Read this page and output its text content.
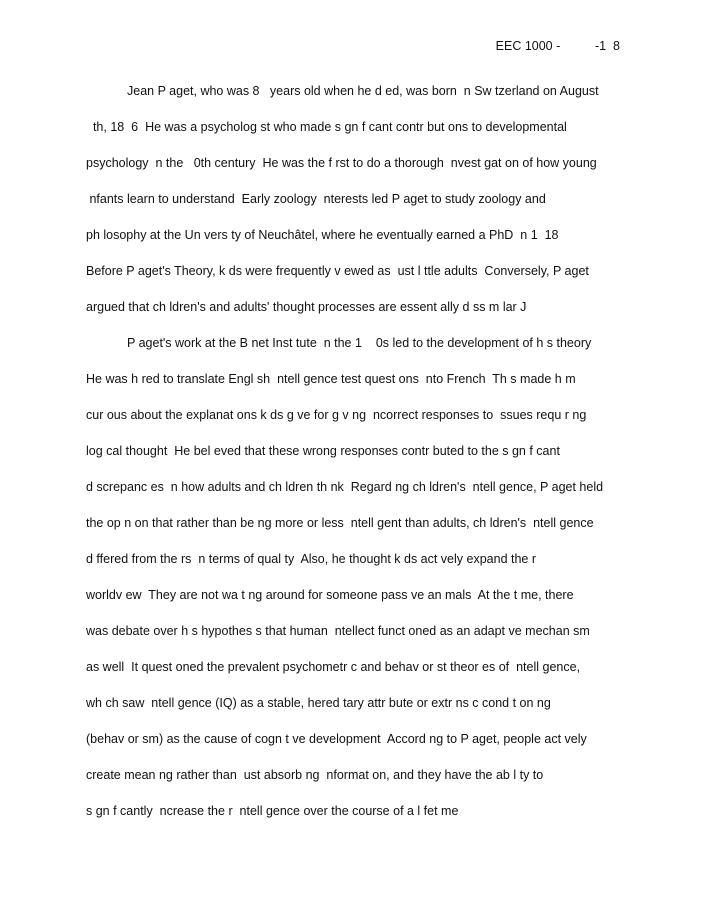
EEC 1000 -          -1  8

Jean P aget, who was 8   years old when he d ed, was born  n Sw tzerland on August
th, 18  6  He was a psycholog st who made s gn f cant contr but ons to developmental
psychology  n the   0th century  He was the f rst to do a thorough  nvest gat on of how young
nfants learn to understand  Early zoology  nterests led P aget to study zoology and
ph losophy at the Un vers ty of Neuchâtel, where he eventually earned a PhD  n 1  18
Before P aget's Theory, k ds were frequently v ewed as  ust l ttle adults  Conversely, P aget
argued that ch ldren's and adults' thought processes are essent ally d ss m lar J
P aget's work at the B net Inst tute  n the 1    0s led to the development of h s theory
He was h red to translate Engl sh  ntell gence test quest ons  nto French  Th s made h m
cur ous about the explanat ons k ds g ve for g v ng  ncorrect responses to  ssues requ r ng
log cal thought  He bel eved that these wrong responses contr buted to the s gn f cant
d screpanc es  n how adults and ch ldren th nk  Regard ng ch ldren's  ntell gence, P aget held
the op n on that rather than be ng more or less  ntell gent than adults, ch ldren's  ntell gence
d ffered from the rs  n terms of qual ty  Also, he thought k ds act vely expand the r
worldv ew  They are not wa t ng around for someone pass ve an mals  At the t me, there
was debate over h s hypothes s that human  ntellect funct oned as an adapt ve mechan sm
as well  It quest oned the prevalent psychometr c and behav or st theor es of  ntell gence,
wh ch saw  ntell gence (IQ) as a stable, hered tary attr bute or extr ns c cond t on ng
(behav or sm) as the cause of cogn t ve development  Accord ng to P aget, people act vely
create mean ng rather than  ust absorb ng  nformat on, and they have the ab l ty to
s gn f cantly  ncrease the r  ntell gence over the course of a l fet me
